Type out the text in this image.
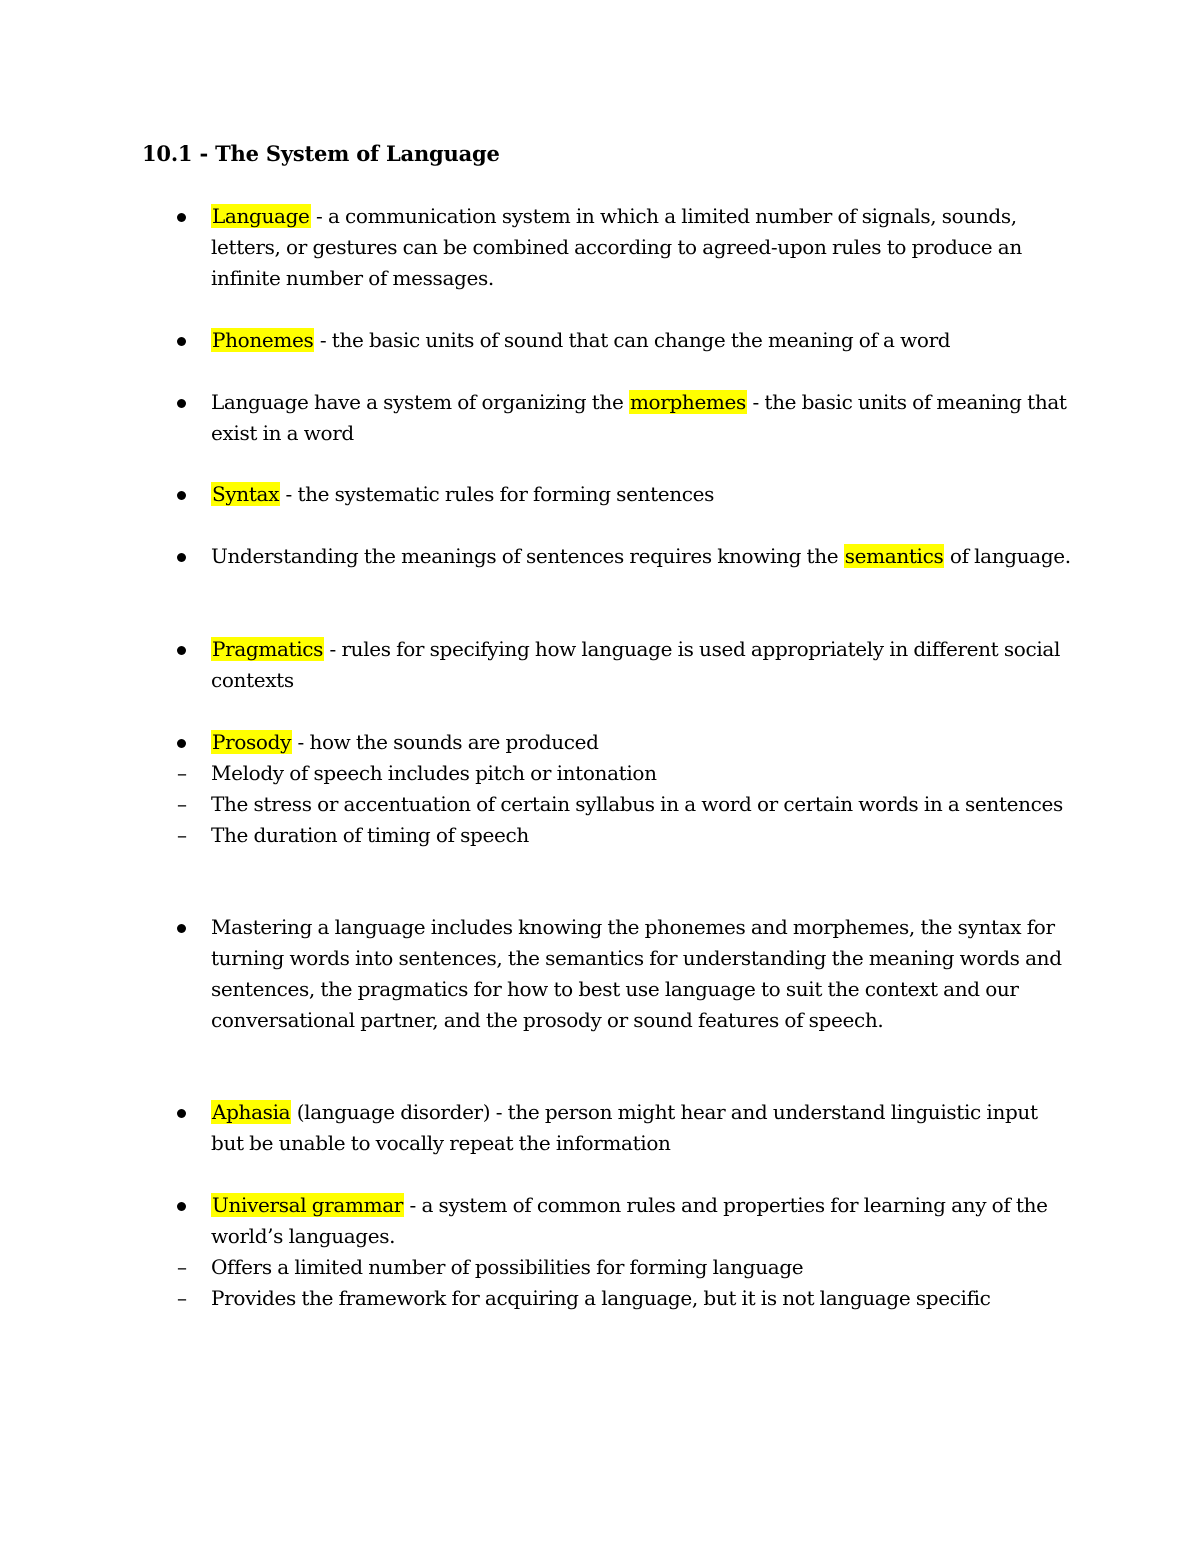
10.1 - The System of Language
Language - a communication system in which a limited number of signals, sounds, letters, or gestures can be combined according to agreed-upon rules to produce an infinite number of messages.
Phonemes - the basic units of sound that can change the meaning of a word
Language have a system of organizing the morphemes - the basic units of meaning that exist in a word
Syntax - the systematic rules for forming sentences
Understanding the meanings of sentences requires knowing the semantics of language.
Pragmatics - rules for specifying how language is used appropriately in different social contexts
Prosody - how the sounds are produced
– Melody of speech includes pitch or intonation
– The stress or accentuation of certain syllabus in a word or certain words in a sentences
– The duration of timing of speech
Mastering a language includes knowing the phonemes and morphemes, the syntax for turning words into sentences, the semantics for understanding the meaning words and sentences, the pragmatics for how to best use language to suit the context and our conversational partner, and the prosody or sound features of speech.
Aphasia (language disorder) - the person might hear and understand linguistic input but be unable to vocally repeat the information
Universal grammar - a system of common rules and properties for learning any of the world’s languages.
– Offers a limited number of possibilities for forming language
– Provides the framework for acquiring a language, but it is not language specific
